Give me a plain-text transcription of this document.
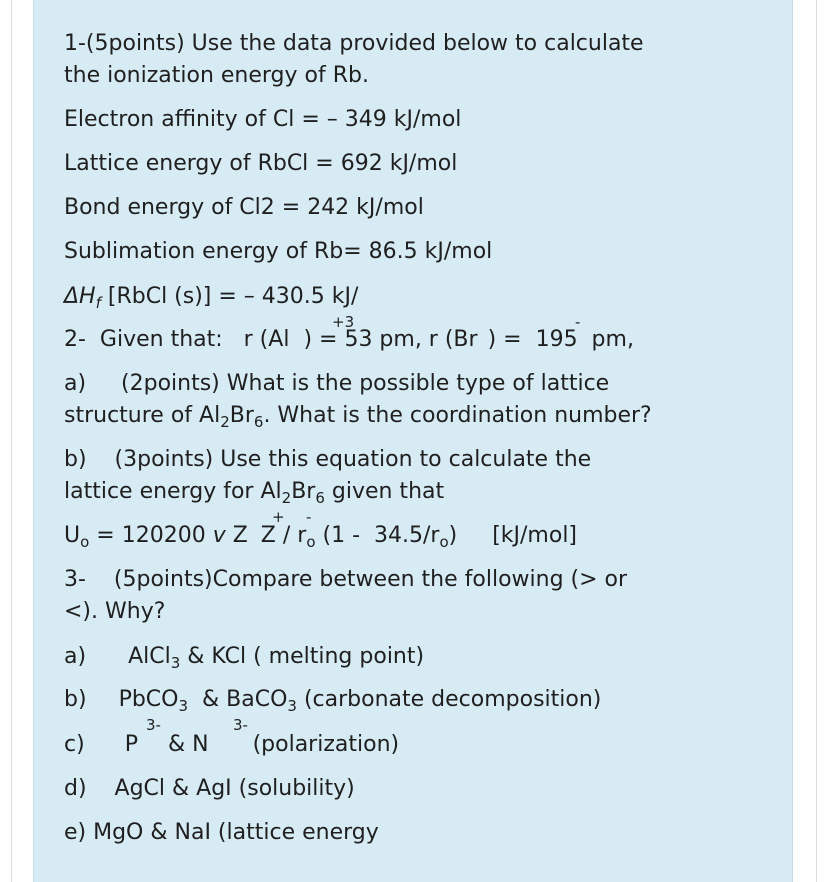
1-(5points) Use the data provided below to calculate
the ionization energy of Rb.
Electron affinity of Cl = – 349 kJ/mol
Lattice energy of RbCl = 692 kJ/mol
Bond energy of Cl2 = 242 kJ/mol
Sublimation energy of Rb= 86.5 kJ/mol
$\Delta H_f$ [RbCl (s)] = – 430.5 kJ/
2-  Given that:   r (Al ) = 53 pm, r (Br ) =  195  pm,
+3	-
a)     (2points) What is the possible type of lattice
structure of $Al_2Br_6$. What is the coordination number?
b)    (3points) Use this equation to calculate the
lattice energy for $Al_2Br_6$ given that
$U_o = 120200$ v Z Z / $r_o$ $(1 - 34.5/r_o)$     [kJ/mol]
+ -
3-    (5points)Compare between the following (> or
<). Why?
a) AlCl$_3$ & KCl ( melting point)
b) PbCO$_3$  & BaCO$_3$ (carbonate decomposition)
c) P & N (polarization)
3-	3-
d)    AgCl & AgI (solubility)
e) MgO & NaI (lattice energy
